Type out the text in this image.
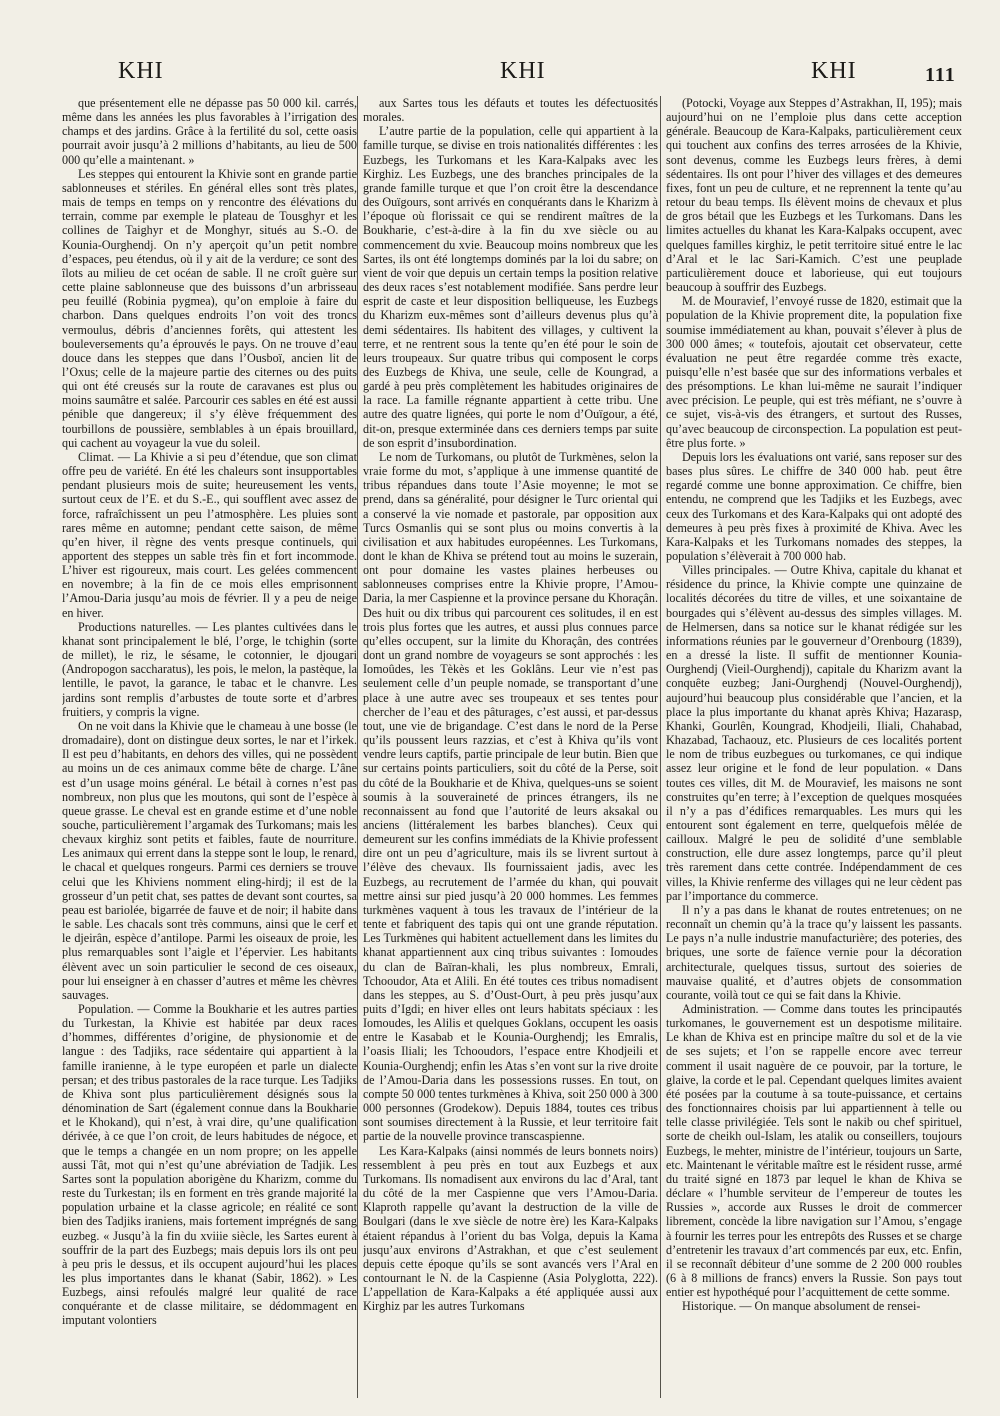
KHI	KHI	KHI	111

que présentement elle ne dépasse pas 50 000 kil. carrés, même dans les années les plus favorables à l’irrigation des champs et des jardins. Grâce à la fertilité du sol, cette oasis pourrait avoir jusqu’à 2 millions d’habitants, au lieu de 500 000 qu’elle a maintenant. »

Les steppes qui entourent la Khivie sont en grande partie sablonneuses et stériles. En général elles sont très plates, mais de temps en temps on y rencontre des élévations du terrain, comme par exemple le plateau de Tousghyr et les collines de Taighyr et de Monghyr, situés au S.-O. de Kounia-Ourghendj. On n’y aperçoit qu’un petit nombre d’espaces, peu étendus, où il y ait de la verdure; ce sont des îlots au milieu de cet océan de sable. Il ne croît guère sur cette plaine sablonneuse que des buissons d’un arbrisseau peu feuillé (Robinia pygmea), qu’on emploie à faire du charbon. Dans quelques endroits l’on voit des troncs vermoulus, débris d’anciennes forêts, qui attestent les bouleversements qu’a éprouvés le pays. On ne trouve d’eau douce dans les steppes que dans l’Ousboï, ancien lit de l’Oxus; celle de la majeure partie des citernes ou des puits qui ont été creusés sur la route de caravanes est plus ou moins saumâtre et salée. Parcourir ces sables en été est aussi pénible que dangereux; il s’y élève fréquemment des tourbillons de poussière, semblables à un épais brouillard, qui cachent au voyageur la vue du soleil.

Climat. — La Khivie a si peu d’étendue, que son climat offre peu de variété. En été les chaleurs sont insupportables pendant plusieurs mois de suite; heureusement les vents, surtout ceux de l’E. et du S.-E., qui soufflent avec assez de force, rafraîchissent un peu l’atmosphère. Les pluies sont rares même en automne; pendant cette saison, de même qu’en hiver, il règne des vents presque continuels, qui apportent des steppes un sable très fin et fort incommode. L’hiver est rigoureux, mais court. Les gelées commencent en novembre; à la fin de ce mois elles emprisonnent l’Amou-Daria jusqu’au mois de février. Il y a peu de neige en hiver.

Productions naturelles. — Les plantes cultivées dans le khanat sont principalement le blé, l’orge, le tchighin (sorte de millet), le riz, le sésame, le cotonnier, le djougari (Andropogon saccharatus), les pois, le melon, la pastèque, la lentille, le pavot, la garance, le tabac et le chanvre. Les jardins sont remplis d’arbustes de toute sorte et d’arbres fruitiers, y compris la vigne.

On ne voit dans la Khivie que le chameau à une bosse (le dromadaire), dont on distingue deux sortes, le nar et l’irkek. Il est peu d’habitants, en dehors des villes, qui ne possèdent au moins un de ces animaux comme bête de charge. L’âne est d’un usage moins général. Le bétail à cornes n’est pas nombreux, non plus que les moutons, qui sont de l’espèce à queue grasse. Le cheval est en grande estime et d’une noble souche, particulièrement l’argamak des Turkomans; mais les chevaux kirghiz sont petits et faibles, faute de nourriture. Les animaux qui errent dans la steppe sont le loup, le renard, le chacal et quelques rongeurs. Parmi ces derniers se trouve celui que les Khiviens nomment eling-hirdj; il est de la grosseur d’un petit chat, ses pattes de devant sont courtes, sa peau est bariolée, bigarrée de fauve et de noir; il habite dans le sable. Les chacals sont très communs, ainsi que le cerf et le djeirân, espèce d’antilope. Parmi les oiseaux de proie, les plus remarquables sont l’aigle et l’épervier. Les habitants élèvent avec un soin particulier le second de ces oiseaux, pour lui enseigner à en chasser d’autres et même les chèvres sauvages.

Population. — Comme la Boukharie et les autres parties du Turkestan, la Khivie est habitée par deux races d’hommes, différentes d’origine, de physionomie et de langue : des Tadjiks, race sédentaire qui appartient à la famille iranienne, à le type européen et parle un dialecte persan; et des tribus pastorales de la race turque. Les Tadjiks de Khiva sont plus particulièrement désignés sous la dénomination de Sart (également connue dans la Boukharie et le Khokand), qui n’est, à vrai dire, qu’une qualification dérivée, à ce que l’on croit, de leurs habitudes de négoce, et que le temps a changée en un nom propre; on les appelle aussi Tât, mot qui n’est qu’une abréviation de Tadjik. Les Sartes sont la population aborigène du Kharizm, comme du reste du Turkestan; ils en forment en très grande majorité la population urbaine et la classe agricole; en réalité ce sont bien des Tadjiks iraniens, mais fortement imprégnés de sang euzbeg. « Jusqu’à la fin du xviiie siècle, les Sartes eurent à souffrir de la part des Euzbegs; mais depuis lors ils ont peu à peu pris le dessus, et ils occupent aujourd’hui les places les plus importantes dans le khanat (Sabir, 1862). » Les Euzbegs, ainsi refoulés malgré leur qualité de race conquérante et de classe militaire, se dédommagent en imputant volontiers

aux Sartes tous les défauts et toutes les défectuosités morales.

L’autre partie de la population, celle qui appartient à la famille turque, se divise en trois nationalités différentes : les Euzbegs, les Turkomans et les Kara-Kalpaks avec les Kirghiz. Les Euzbegs, une des branches principales de la grande famille turque et que l’on croit être la descendance des Ouïgours, sont arrivés en conquérants dans le Kharizm à l’époque où florissait ce qui se rendirent maîtres de la Boukharie, c’est-à-dire à la fin du xve siècle ou au commencement du xvie. Beaucoup moins nombreux que les Sartes, ils ont été longtemps dominés par la loi du sabre; on vient de voir que depuis un certain temps la position relative des deux races s’est notablement modifiée. Sans perdre leur esprit de caste et leur disposition belliqueuse, les Euzbegs du Kharizm eux-mêmes sont d’ailleurs devenus plus qu’à demi sédentaires. Ils habitent des villages, y cultivent la terre, et ne rentrent sous la tente qu’en été pour le soin de leurs troupeaux. Sur quatre tribus qui composent le corps des Euzbegs de Khiva, une seule, celle de Koungrad, a gardé à peu près complètement les habitudes originaires de la race. La famille régnante appartient à cette tribu. Une autre des quatre lignées, qui porte le nom d’Ouïgour, a été, dit-on, presque exterminée dans ces derniers temps par suite de son esprit d’insubordination.

Le nom de Turkomans, ou plutôt de Turkmènes, selon la vraie forme du mot, s’applique à une immense quantité de tribus répandues dans toute l’Asie moyenne; le mot se prend, dans sa généralité, pour désigner le Turc oriental qui a conservé la vie nomade et pastorale, par opposition aux Turcs Osmanlis qui se sont plus ou moins convertis à la civilisation et aux habitudes européennes. Les Turkomans, dont le khan de Khiva se prétend tout au moins le suzerain, ont pour domaine les vastes plaines herbeuses ou sablonneuses comprises entre la Khivie propre, l’Amou-Daria, la mer Caspienne et la province persane du Khoraçân. Des huit ou dix tribus qui parcourent ces solitudes, il en est trois plus fortes que les autres, et aussi plus connues parce qu’elles occupent, sur la limite du Khoraçân, des contrées dont un grand nombre de voyageurs se sont approchés : les Iomoûdes, les Tèkès et les Goklâns. Leur vie n’est pas seulement celle d’un peuple nomade, se transportant d’une place à une autre avec ses troupeaux et ses tentes pour chercher de l’eau et des pâturages, c’est aussi, et par-dessus tout, une vie de brigandage. C’est dans le nord de la Perse qu’ils poussent leurs razzias, et c’est à Khiva qu’ils vont vendre leurs captifs, partie principale de leur butin. Bien que sur certains points particuliers, soit du côté de la Perse, soit du côté de la Boukharie et de Khiva, quelques-uns se soient soumis à la souveraineté de princes étrangers, ils ne reconnaissent au fond que l’autorité de leurs aksakal ou anciens (littéralement les barbes blanches). Ceux qui demeurent sur les confins immédiats de la Khivie professent dire ont un peu d’agriculture, mais ils se livrent surtout à l’élève des chevaux. Ils fournissaient jadis, avec les Euzbegs, au recrutement de l’armée du khan, qui pouvait mettre ainsi sur pied jusqu’à 20 000 hommes. Les femmes turkmènes vaquent à tous les travaux de l’intérieur de la tente et fabriquent des tapis qui ont une grande réputation. Les Turkmènes qui habitent actuellement dans les limites du khanat appartiennent aux cinq tribus suivantes : Iomoudes du clan de Baïran-khali, les plus nombreux, Emrali, Tchooudor, Ata et Alili. En été toutes ces tribus nomadisent dans les steppes, au S. d’Oust-Ourt, à peu près jusqu’aux puits d’Igdi; en hiver elles ont leurs habitats spéciaux : les Iomoudes, les Alilis et quelques Goklans, occupent les oasis entre le Kasabab et le Kounia-Ourghendj; les Emralis, l’oasis Iliali; les Tchooudors, l’espace entre Khodjeili et Kounia-Ourghendj; enfin les Atas s’en vont sur la rive droite de l’Amou-Daria dans les possessions russes. En tout, on compte 50 000 tentes turkmènes à Khiva, soit 250 000 à 300 000 personnes (Grodekow). Depuis 1884, toutes ces tribus sont soumises directement à la Russie, et leur territoire fait partie de la nouvelle province transcaspienne.

Les Kara-Kalpaks (ainsi nommés de leurs bonnets noirs) ressemblent à peu près en tout aux Euzbegs et aux Turkomans. Ils nomadisent aux environs du lac d’Aral, tant du côté de la mer Caspienne que vers l’Amou-Daria. Klaproth rappelle qu’avant la destruction de la ville de Boulgari (dans le xve siècle de notre ère) les Kara-Kalpaks étaient répandus à l’orient du bas Volga, depuis la Kama jusqu’aux environs d’Astrakhan, et que c’est seulement depuis cette époque qu’ils se sont avancés vers l’Aral en contournant le N. de la Caspienne (Asia Polyglotta, 222). L’appellation de Kara-Kalpaks a été appliquée aussi aux Kirghiz par les autres Turkomans

(Potocki, Voyage aux Steppes d’Astrakhan, II, 195); mais aujourd’hui on ne l’emploie plus dans cette acception générale. Beaucoup de Kara-Kalpaks, particulièrement ceux qui touchent aux confins des terres arrosées de la Khivie, sont devenus, comme les Euzbegs leurs frères, à demi sédentaires. Ils ont pour l’hiver des villages et des demeures fixes, font un peu de culture, et ne reprennent la tente qu’au retour du beau temps. Ils élèvent moins de chevaux et plus de gros bétail que les Euzbegs et les Turkomans. Dans les limites actuelles du khanat les Kara-Kalpaks occupent, avec quelques familles kirghiz, le petit territoire situé entre le lac d’Aral et le lac Sari-Kamich. C’est une peuplade particulièrement douce et laborieuse, qui eut toujours beaucoup à souffrir des Euzbegs.

M. de Mouravief, l’envoyé russe de 1820, estimait que la population de la Khivie proprement dite, la population fixe soumise immédiatement au khan, pouvait s’élever à plus de 300 000 âmes; « toutefois, ajoutait cet observateur, cette évaluation ne peut être regardée comme très exacte, puisqu’elle n’est basée que sur des informations verbales et des présomptions. Le khan lui-même ne saurait l’indiquer avec précision. Le peuple, qui est très méfiant, ne s’ouvre à ce sujet, vis-à-vis des étrangers, et surtout des Russes, qu’avec beaucoup de circonspection. La population est peut-être plus forte. »

Depuis lors les évaluations ont varié, sans reposer sur des bases plus sûres. Le chiffre de 340 000 hab. peut être regardé comme une bonne approximation. Ce chiffre, bien entendu, ne comprend que les Tadjiks et les Euzbegs, avec ceux des Turkomans et des Kara-Kalpaks qui ont adopté des demeures à peu près fixes à proximité de Khiva. Avec les Kara-Kalpaks et les Turkomans nomades des steppes, la population s’élèverait à 700 000 hab.

Villes principales. — Outre Khiva, capitale du khanat et résidence du prince, la Khivie compte une quinzaine de localités décorées du titre de villes, et une soixantaine de bourgades qui s’élèvent au-dessus des simples villages. M. de Helmersen, dans sa notice sur le khanat rédigée sur les informations réunies par le gouverneur d’Orenbourg (1839), en a dressé la liste. Il suffit de mentionner Kounia-Ourghendj (Vieil-Ourghendj), capitale du Kharizm avant la conquête euzbeg; Jani-Ourghendj (Nouvel-Ourghendj), aujourd’hui beaucoup plus considérable que l’ancien, et la place la plus importante du khanat après Khiva; Hazarasp, Khanki, Gourlên, Koungrad, Khodjeili, Iliali, Chahabad, Khazabad, Tachaouz, etc. Plusieurs de ces localités portent le nom de tribus euzbegues ou turkomanes, ce qui indique assez leur origine et le fond de leur population. « Dans toutes ces villes, dit M. de Mouravief, les maisons ne sont construites qu’en terre; à l’exception de quelques mosquées il n’y a pas d’édifices remarquables. Les murs qui les entourent sont également en terre, quelquefois mêlée de cailloux. Malgré le peu de solidité d’une semblable construction, elle dure assez longtemps, parce qu’il pleut très rarement dans cette contrée. Indépendamment de ces villes, la Khivie renferme des villages qui ne leur cèdent pas par l’importance du commerce.

Il n’y a pas dans le khanat de routes entretenues; on ne reconnaît un chemin qu’à la trace qu’y laissent les passants. Le pays n’a nulle industrie manufacturière; des poteries, des briques, une sorte de faïence vernie pour la décoration architecturale, quelques tissus, surtout des soieries de mauvaise qualité, et d’autres objets de consommation courante, voilà tout ce qui se fait dans la Khivie.

Administration. — Comme dans toutes les principautés turkomanes, le gouvernement est un despotisme militaire. Le khan de Khiva est en principe maître du sol et de la vie de ses sujets; et l’on se rappelle encore avec terreur comment il usait naguère de ce pouvoir, par la torture, le glaive, la corde et le pal. Cependant quelques limites avaient été posées par la coutume à sa toute-puissance, et certains des fonctionnaires choisis par lui appartiennent à telle ou telle classe privilégiée. Tels sont le nakib ou chef spirituel, sorte de cheikh oul-Islam, les atalik ou conseillers, toujours Euzbegs, le mehter, ministre de l’intérieur, toujours un Sarte, etc. Maintenant le véritable maître est le résident russe, armé du traité signé en 1873 par lequel le khan de Khiva se déclare « l’humble serviteur de l’empereur de toutes les Russies », accorde aux Russes le droit de commercer librement, concède la libre navigation sur l’Amou, s’engage à fournir les terres pour les entrepôts des Russes et se charge d’entretenir les travaux d’art commencés par eux, etc. Enfin, il se reconnaît débiteur d’une somme de 2 200 000 roubles (6 à 8 millions de francs) envers la Russie. Son pays tout entier est hypothéqué pour l’acquittement de cette somme.

Historique. — On manque absolument de rensei-
